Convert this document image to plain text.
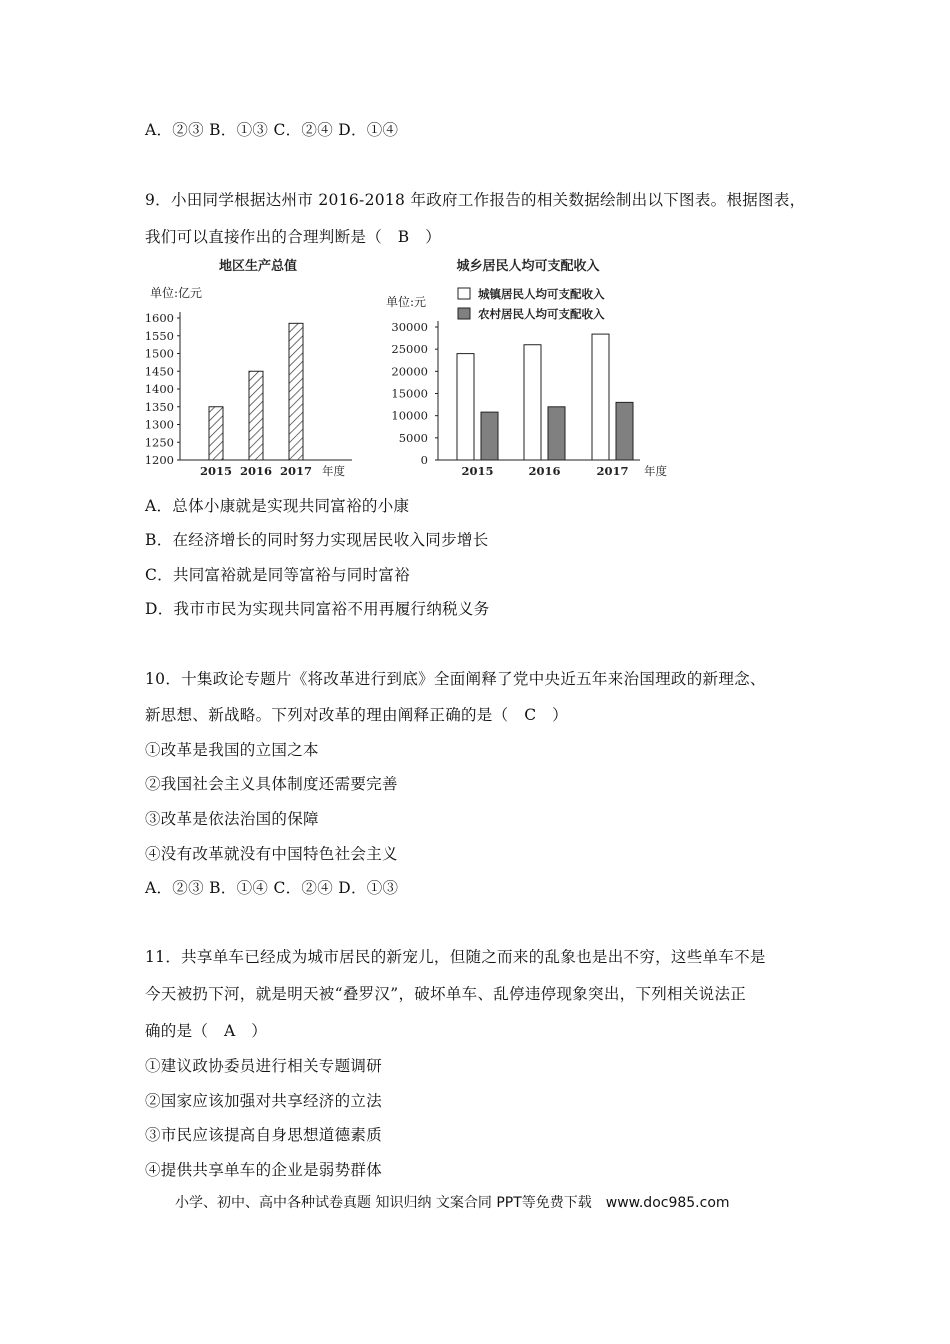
A．②③ B．①③ C．②④ D．①④
9．小田同学根据达州市 2016-2018 年政府工作报告的相关数据绘制出以下图表。根据图表，
我们可以直接作出的合理判断是（　B　）
地区生产总值
单位:亿元
1200
1250
1300
1350
1400
1450
1500
1550
1600
2015 2016 2017 年度
城乡居民人均可支配收入
单位:元
城镇居民人均可支配收入
农村居民人均可支配收入
0
5000
10000
15000
20000
25000
30000
2015	2016	2017 年度
A．总体小康就是实现共同富裕的小康
B．在经济增长的同时努力实现居民收入同步增长
C．共同富裕就是同等富裕与同时富裕
D．我市市民为实现共同富裕不用再履行纳税义务
10．十集政论专题片《将改革进行到底》全面阐释了党中央近五年来治国理政的新理念、
新思想、新战略。下列对改革的理由阐释正确的是（　C　）
①改革是我国的立国之本
②我国社会主义具体制度还需要完善
③改革是依法治国的保障
④没有改革就没有中国特色社会主义
A．②③ B．①④ C．②④ D．①③
11．共享单车已经成为城市居民的新宠儿，但随之而来的乱象也是出不穷，这些单车不是
今天被扔下河，就是明天被“叠罗汉”，破坏单车、乱停违停现象突出，下列相关说法正
确的是（　A　）
①建议政协委员进行相关专题调研
②国家应该加强对共享经济的立法
③市民应该提高自身思想道德素质
④提供共享单车的企业是弱势群体
小学、初中、高中各种试卷真题 知识归纳 文案合同 PPT等免费下载　www.doc985.com
